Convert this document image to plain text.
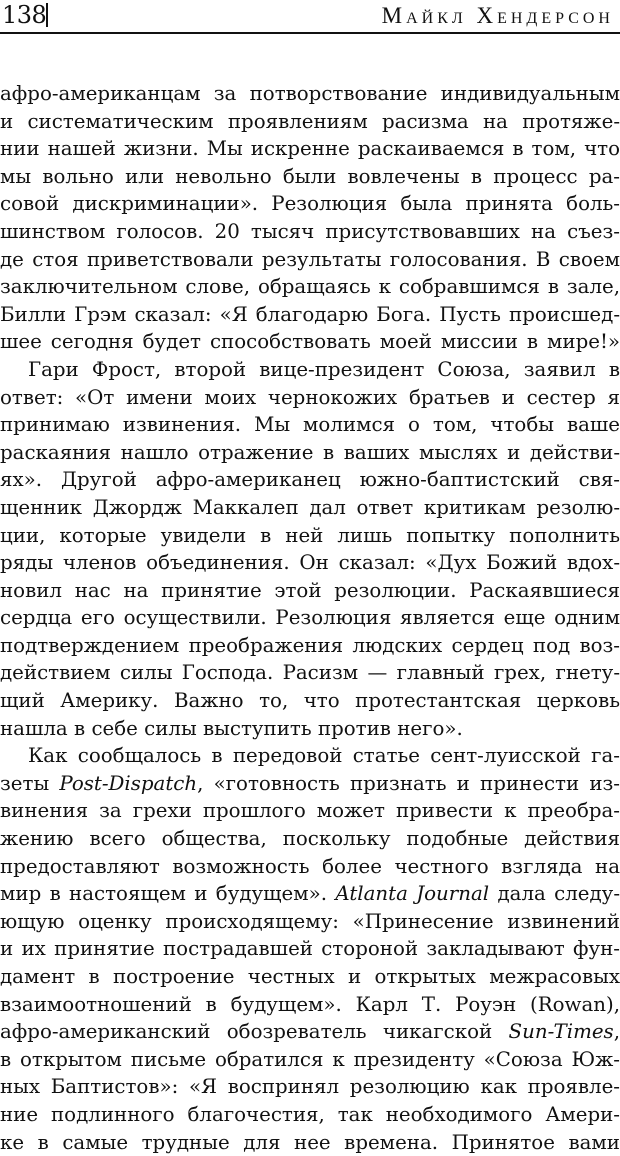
138	Майкл Хендерсон
афро-американцам за потворствование индивидуальным
и систематическим проявлениям расизма на протяже-
нии нашей жизни. Мы искренне раскаиваемся в том, что
мы вольно или невольно были вовлечены в процесс ра-
совой дискриминации». Резолюция была принята боль-
шинством голосов. 20 тысяч присутствовавших на съез-
де стоя приветствовали результаты голосования. В своем
заключительном слове, обращаясь к собравшимся в зале,
Билли Грэм сказал: «Я благодарю Бога. Пусть происшед-
шее сегодня будет способствовать моей миссии в мире!»
Гари Фрост, второй вице-президент Союза, заявил в
ответ: «От имени моих чернокожих братьев и сестер я
принимаю извинения. Мы молимся о том, чтобы ваше
раскаяния нашло отражение в ваших мыслях и действи-
ях». Другой афро-американец южно-баптистский свя-
щенник Джордж Маккалеп дал ответ критикам резолю-
ции, которые увидели в ней лишь попытку пополнить
ряды членов объединения. Он сказал: «Дух Божий вдох-
новил нас на принятие этой резолюции. Раскаявшиеся
сердца его осуществили. Резолюция является еще одним
подтверждением преображения людских сердец под воз-
действием силы Господа. Расизм — главный грех, гнету-
щий Америку. Важно то, что протестантская церковь
нашла в себе силы выступить против него».
Как сообщалось в передовой статье сент-луисской га-
зеты Post-Dispatch, «готовность признать и принести из-
винения за грехи прошлого может привести к преобра-
жению всего общества, поскольку подобные действия
предоставляют возможность более честного взгляда на
мир в настоящем и будущем». Atlanta Journal дала следу-
ющую оценку происходящему: «Принесение извинений
и их принятие пострадавшей стороной закладывают фун-
дамент в построение честных и открытых межрасовых
взаимоотношений в будущем». Карл Т. Роуэн (Rowan),
афро-американский обозреватель чикагской Sun-Times,
в открытом письме обратился к президенту «Союза Юж-
ных Баптистов»: «Я воспринял резолюцию как проявле-
ние подлинного благочестия, так необходимого Амери-
ке в самые трудные для нее времена. Принятое вами
